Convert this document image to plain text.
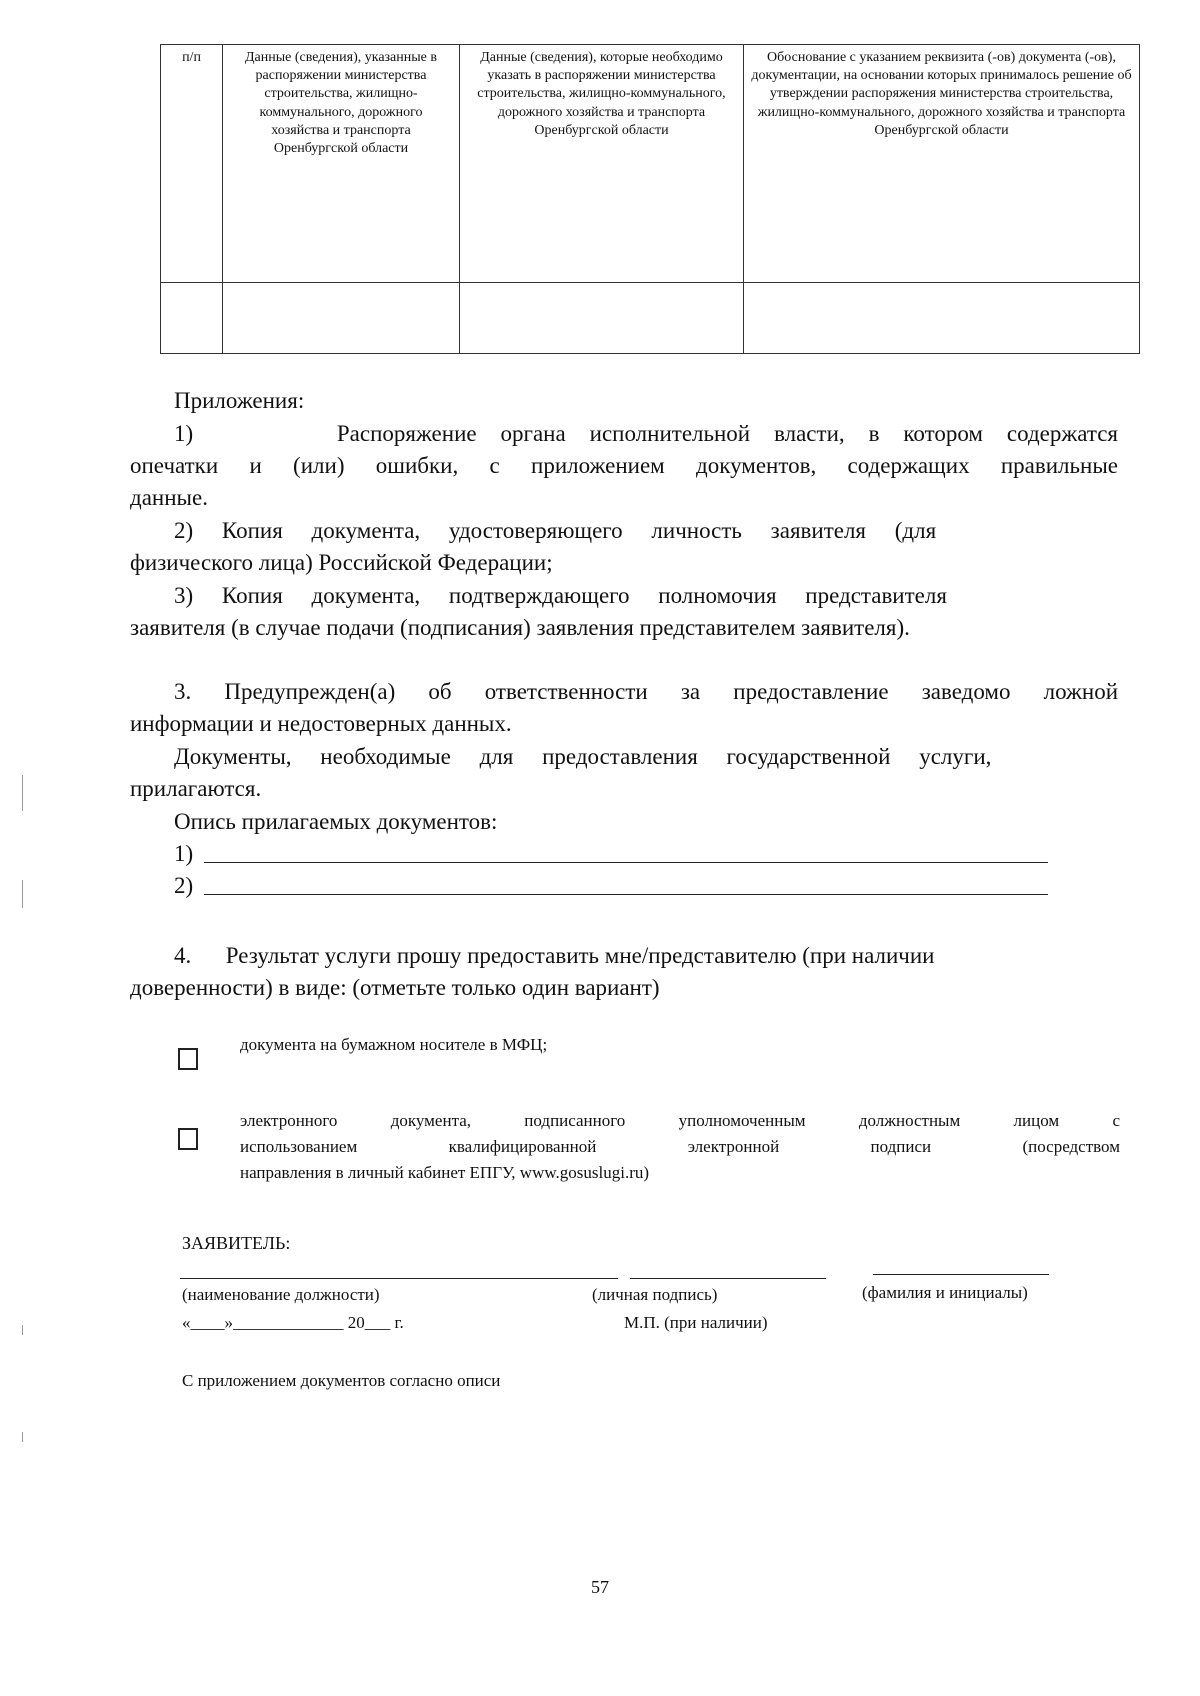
п/п	Данные (сведения), указанные в распоряжении министерства строительства, жилищно-коммунального, дорожного хозяйства и транспорта Оренбургской области	Данные (сведения), которые необходимо указать в распоряжении министерства строительства, жилищно-коммунального, дорожного хозяйства и транспорта Оренбургской области	Обоснование с указанием реквизита (-ов) документа (-ов), документации, на основании которых принималось решение об утверждении распоряжения министерства строительства, жилищно-коммунального, дорожного хозяйства и транспорта Оренбургской области

Приложения:
1)      Распоряжение органа исполнительной власти, в котором содержатся
опечатки и (или) ошибки, с приложением документов, содержащих правильные
данные.
2)     Копия     документа,     удостоверяющего     личность     заявителя     (для
физического лица) Российской Федерации;
3)     Копия     документа,     подтверждающего     полномочия     представителя
заявителя (в случае подачи (подписания) заявления представителем заявителя).
3. Предупрежден(а) об ответственности за предоставление заведомо ложной
информации и недостоверных данных.
Документы,     необходимые     для     предоставления     государственной     услуги,
прилагаются.
Опись прилагаемых документов:
1)
2)
4.      Результат услуги прошу предоставить мне/представителю (при наличии
доверенности) в виде: (отметьте только один вариант)
документа на бумажном носителе в МФЦ;
электронного документа, подписанного уполномоченным должностным лицом с
использованием     квалифицированной     электронной     подписи     (посредством
направления в личный кабинет ЕПГУ, www.gosuslugi.ru)
ЗАЯВИТЕЛЬ:
(наименование должности)	(личная подпись)	(фамилия и инициалы)
«____»_____________ 20___ г.	М.П. (при наличии)
С приложением документов согласно описи
57
